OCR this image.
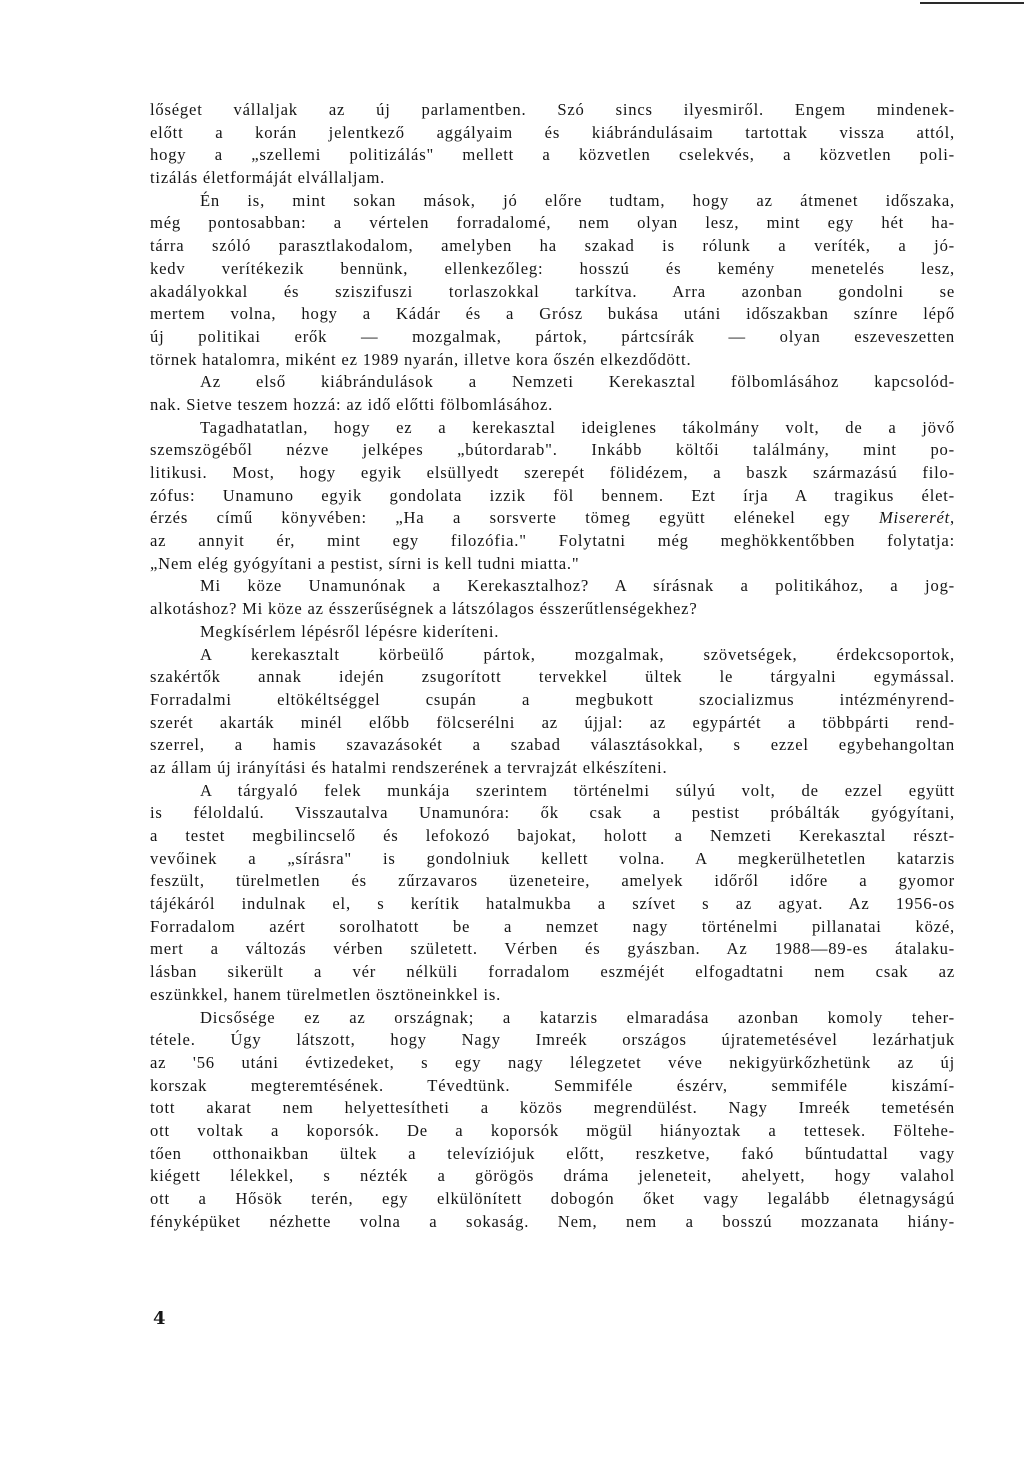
lőséget vállaljak az új parlamentben. Szó sincs ilyesmiről. Engem mindenek-
előtt a korán jelentkező aggályaim és kiábrándulásaim tartottak vissza attól,
hogy a „szellemi politizálás" mellett a közvetlen cselekvés, a közvetlen poli-
tizálás életformáját elvállaljam.
Én is, mint sokan mások, jó előre tudtam, hogy az átmenet időszaka,
még pontosabban: a vértelen forradalomé, nem olyan lesz, mint egy hét ha-
tárra szóló parasztlakodalom, amelyben ha szakad is rólunk a veríték, a jó-
kedv verítékezik bennünk, ellenkezőleg: hosszú és kemény menetelés lesz,
akadályokkal és sziszifuszi torlaszokkal tarkítva. Arra azonban gondolni se
mertem volna, hogy a Kádár és a Grósz bukása utáni időszakban színre lépő
új politikai erők — mozgalmak, pártok, pártcsírák — olyan eszeveszetten
törnek hatalomra, miként ez 1989 nyarán, illetve kora őszén elkezdődött.
Az első kiábrándulások a Nemzeti Kerekasztal fölbomlásához kapcsolód-
nak. Sietve teszem hozzá: az idő előtti fölbomlásához.
Tagadhatatlan, hogy ez a kerekasztal ideiglenes tákolmány volt, de a jövő
szemszögéből nézve jelképes „bútordarab". Inkább költői találmány, mint po-
litikusi. Most, hogy egyik elsüllyedt szerepét fölidézem, a baszk származású filo-
zófus: Unamuno egyik gondolata izzik föl bennem. Ezt írja A tragikus élet-
érzés című könyvében: „Ha a sorsverte tömeg együtt elénekel egy Misererét,
az annyit ér, mint egy filozófia." Folytatni még meghökkentőbben folytatja:
„Nem elég gyógyítani a pestist, sírni is kell tudni miatta."
Mi köze Unamunónak a Kerekasztalhoz? A sírásnak a politikához, a jog-
alkotáshoz? Mi köze az ésszerűségnek a látszólagos ésszerűtlenségekhez?
Megkísérlem lépésről lépésre kideríteni.
A kerekasztalt körbeülő pártok, mozgalmak, szövetségek, érdekcsoportok,
szakértők annak idején zsugorított tervekkel ültek le tárgyalni egymással.
Forradalmi eltökéltséggel csupán a megbukott szocializmus intézményrend-
szerét akarták minél előbb fölcserélni az újjal: az egypártét a többpárti rend-
szerrel, a hamis szavazásokét a szabad választásokkal, s ezzel egybehangoltan
az állam új irányítási és hatalmi rendszerének a tervrajzát elkészíteni.
A tárgyaló felek munkája szerintem történelmi súlyú volt, de ezzel együtt
is féloldalú. Visszautalva Unamunóra: ők csak a pestist próbálták gyógyítani,
a testet megbilincselő és lefokozó bajokat, holott a Nemzeti Kerekasztal részt-
vevőinek a „sírásra" is gondolniuk kellett volna. A megkerülhetetlen katarzis
feszült, türelmetlen és zűrzavaros üzeneteire, amelyek időről időre a gyomor
tájékáról indulnak el, s kerítik hatalmukba a szívet s az agyat. Az 1956-os
Forradalom azért sorolhatott be a nemzet nagy történelmi pillanatai közé,
mert a változás vérben született. Vérben és gyászban. Az 1988—89-es átalaku-
lásban sikerült a vér nélküli forradalom eszméjét elfogadtatni nem csak az
eszünkkel, hanem türelmetlen ösztöneinkkel is.
Dicsősége ez az országnak; a katarzis elmaradása azonban komoly teher-
tétele. Úgy látszott, hogy Nagy Imreék országos újratemetésével lezárhatjuk
az '56 utáni évtizedeket, s egy nagy lélegzetet véve nekigyürkőzhetünk az új
korszak megteremtésének. Tévedtünk. Semmiféle észérv, semmiféle kiszámí-
tott akarat nem helyettesítheti a közös megrendülést. Nagy Imreék temetésén
ott voltak a koporsók. De a koporsók mögül hiányoztak a tettesek. Föltehe-
tően otthonaikban ültek a televíziójuk előtt, reszketve, fakó bűntudattal vagy
kiégett lélekkel, s nézték a görögös dráma jeleneteit, ahelyett, hogy valahol
ott a Hősök terén, egy elkülönített dobogón őket vagy legalább életnagyságú
fényképüket nézhette volna a sokaság. Nem, nem a bosszú mozzanata hiány-
4
